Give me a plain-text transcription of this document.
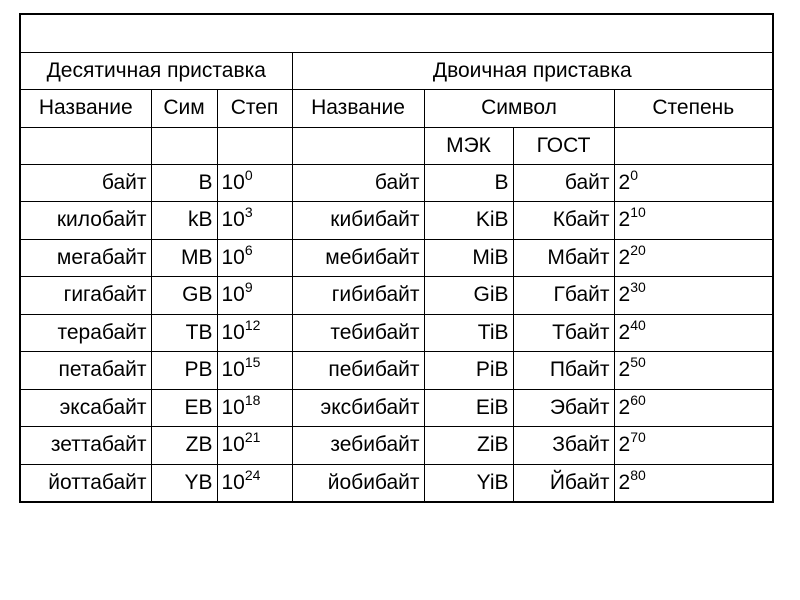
Десятичная приставка			Двоичная приставка			
Название	Сим	Степ	Название	Символ		Степень
				МЭК	ГОСТ	
байт	B	$10^0$	байт	B	байт	$2^0$
килобайт	kB	$10^3$	кибибайт	KiB	Кбайт	$2^{10}$
мегабайт	MB	$10^6$	мебибайт	MiB	Мбайт	$2^{20}$
гигабайт	GB	$10^9$	гибибайт	GiB	Гбайт	$2^{30}$
терабайт	TB	$10^{12}$	тебибайт	TiB	Тбайт	$2^{40}$
петабайт	PB	$10^{15}$	пебибайт	PiB	Пбайт	$2^{50}$
эксабайт	EB	$10^{18}$	эксбибайт	EiB	Эбайт	$2^{60}$
зеттабайт	ZB	$10^{21}$	зебибайт	ZiB	Збайт	$2^{70}$
йоттабайт	YB	$10^{24}$	йобибайт	YiB	Йбайт	$2^{80}$
